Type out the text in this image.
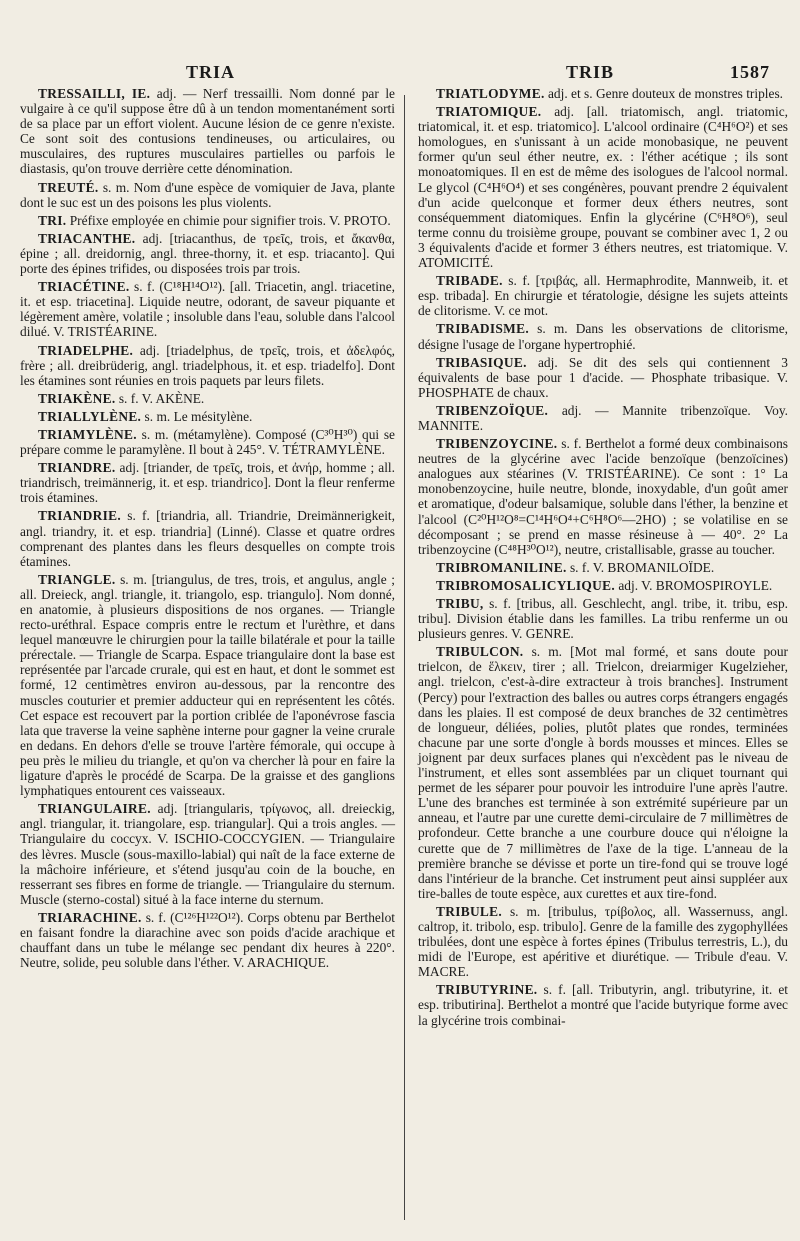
TRIA	TRIB	1587

TRESSAILLI, IE. adj. — Nerf tressailli. Nom donné par le vulgaire à ce qu'il suppose être dû à un tendon momentanément sorti de sa place par un effort violent. Aucune lésion de ce genre n'existe. Ce sont soit des contusions tendineuses, ou articulaires, ou musculaires, des ruptures musculaires partielles ou parfois le diastasis, qu'on trouve derrière cette dénomination.

TREUTÉ. s. m. Nom d'une espèce de vomiquier de Java, plante dont le suc est un des poisons les plus violents.

TRI. Préfixe employée en chimie pour signifier trois. V. PROTO.

TRIACANTHE. adj. [triacanthus, de τρεῖς, trois, et ἄκανθα, épine ; all. dreidornig, angl. three-thorny, it. et esp. triacanto]. Qui porte des épines trifides, ou disposées trois par trois.

TRIACÉTINE. s. f. (C¹⁸H¹⁴O¹²). [all. Triacetin, angl. triacetine, it. et esp. triacetina]. Liquide neutre, odorant, de saveur piquante et légèrement amère, volatile ; insoluble dans l'eau, soluble dans l'alcool dilué. V. TRISTÉARINE.

TRIADELPHE. adj. [triadelphus, de τρεῖς, trois, et ἀδελφός, frère ; all. dreibrüderig, angl. triadelphous, it. et esp. triadelfo]. Dont les étamines sont réunies en trois paquets par leurs filets.

TRIAKÈNE. s. f. V. AKÈNE.

TRIALLYLÈNE. s. m. Le mésitylène.

TRIAMYLÈNE. s. m. (métamylène). Composé (C³⁰H³⁰) qui se prépare comme le paramylène. Il bout à 245°. V. TÉTRAMYLÈNE.

TRIANDRE. adj. [triander, de τρεῖς, trois, et ἀνήρ, homme ; all. triandrisch, treimännerig, it. et esp. triandrico]. Dont la fleur renferme trois étamines.

TRIANDRIE. s. f. [triandria, all. Triandrie, Dreimännerigkeit, angl. triandry, it. et esp. triandria] (Linné). Classe et quatre ordres comprenant des plantes dans les fleurs desquelles on compte trois étamines.

TRIANGLE. s. m. [triangulus, de tres, trois, et angulus, angle ; all. Dreieck, angl. triangle, it. triangolo, esp. triangulo]. Nom donné, en anatomie, à plusieurs dispositions de nos organes. — Triangle recto-uréthral. Espace compris entre le rectum et l'urèthre, et dans lequel manœuvre le chirurgien pour la taille bilatérale et pour la taille prérectale. — Triangle de Scarpa. Espace triangulaire dont la base est représentée par l'arcade crurale, qui est en haut, et dont le sommet est formé, 12 centimètres environ au-dessous, par la rencontre des muscles couturier et premier adducteur qui en représentent les côtés. Cet espace est recouvert par la portion criblée de l'aponévrose fascia lata que traverse la veine saphène interne pour gagner la veine crurale en dedans. En dehors d'elle se trouve l'artère fémorale, qui occupe à peu près le milieu du triangle, et qu'on va chercher là pour en faire la ligature d'après le procédé de Scarpa. De la graisse et des ganglions lymphatiques entourent ces vaisseaux.

TRIANGULAIRE. adj. [triangularis, τρίγωνος, all. dreieckig, angl. triangular, it. triangolare, esp. triangular]. Qui a trois angles. — Triangulaire du coccyx. V. ISCHIO-COCCYGIEN. — Triangulaire des lèvres. Muscle (sous-maxillo-labial) qui naît de la face externe de la mâchoire inférieure, et s'étend jusqu'au coin de la bouche, en resserrant ses fibres en forme de triangle. — Triangulaire du sternum. Muscle (sterno-costal) situé à la face interne du sternum.

TRIARACHINE. s. f. (C¹²⁶H¹²²O¹²). Corps obtenu par Berthelot en faisant fondre la diarachine avec son poids d'acide arachique et chauffant dans un tube le mélange sec pendant dix heures à 220°. Neutre, solide, peu soluble dans l'éther. V. ARACHIQUE.

TRIATLODYME. adj. et s. Genre douteux de monstres triples.

TRIATOMIQUE. adj. [all. triatomisch, angl. triatomic, triatomical, it. et esp. triatomico]. L'alcool ordinaire (C⁴H⁶O²) et ses homologues, en s'unissant à un acide monobasique, ne peuvent former qu'un seul éther neutre, ex. : l'éther acétique ; ils sont monoatomiques. Il en est de même des isologues de l'alcool normal. Le glycol (C⁴H⁶O⁴) et ses congénères, pouvant prendre 2 équivalent d'un acide quelconque et former deux éthers neutres, sont conséquemment diatomiques. Enfin la glycérine (C⁶H⁸O⁶), seul terme connu du troisième groupe, pouvant se combiner avec 1, 2 ou 3 équivalents d'acide et former 3 éthers neutres, est triatomique. V. ATOMICITÉ.

TRIBADE. s. f. [τριβάς, all. Hermaphrodite, Mannweib, it. et esp. tribada]. En chirurgie et tératologie, désigne les sujets atteints de clitorisme. V. ce mot.

TRIBADISME. s. m. Dans les observations de clitorisme, désigne l'usage de l'organe hypertrophié.

TRIBASIQUE. adj. Se dit des sels qui contiennent 3 équivalents de base pour 1 d'acide. — Phosphate tribasique. V. PHOSPHATE de chaux.

TRIBENZOÏQUE. adj. — Mannite tribenzoïque. Voy. MANNITE.

TRIBENZOYCINE. s. f. Berthelot a formé deux combinaisons neutres de la glycérine avec l'acide benzoïque (benzoïcines) analogues aux stéarines (V. TRISTÉARINE). Ce sont : 1° La monobenzoycine, huile neutre, blonde, inoxydable, d'un goût amer et aromatique, d'odeur balsamique, soluble dans l'éther, la benzine et l'alcool (C²⁰H¹²O⁸=C¹⁴H⁶O⁴+C⁶H⁸O⁶—2HO) ; se volatilise en se décomposant ; se prend en masse résineuse à — 40°. 2° La tribenzoycine (C⁴⁸H³⁰O¹²), neutre, cristallisable, grasse au toucher.

TRIBROMANILINE. s. f. V. BROMANILOÏDE.

TRIBROMOSALICYLIQUE. adj. V. BROMOSPIROYLE.

TRIBU, s. f. [tribus, all. Geschlecht, angl. tribe, it. tribu, esp. tribu]. Division établie dans les familles. La tribu renferme un ou plusieurs genres. V. GENRE.

TRIBULCON. s. m. [Mot mal formé, et sans doute pour trielcon, de ἕλκειν, tirer ; all. Trielcon, dreiarmiger Kugelzieher, angl. trielcon, c'est-à-dire extracteur à trois branches]. Instrument (Percy) pour l'extraction des balles ou autres corps étrangers engagés dans les plaies. Il est composé de deux branches de 32 centimètres de longueur, déliées, polies, plutôt plates que rondes, terminées chacune par une sorte d'ongle à bords mousses et minces. Elles se joignent par deux surfaces planes qui n'excèdent pas le niveau de l'instrument, et elles sont assemblées par un cliquet tournant qui permet de les séparer pour pouvoir les introduire l'une après l'autre. L'une des branches est terminée à son extrémité supérieure par un anneau, et l'autre par une curette demi-circulaire de 7 millimètres de profondeur. Cette branche a une courbure douce qui n'éloigne la curette que de 7 millimètres de l'axe de la tige. L'anneau de la première branche se dévisse et porte un tire-fond qui se trouve logé dans l'intérieur de la branche. Cet instrument peut ainsi suppléer aux tire-balles de toute espèce, aux curettes et aux tire-fond.

TRIBULE. s. m. [tribulus, τρίβολος, all. Wassernuss, angl. caltrop, it. tribolo, esp. tribulo]. Genre de la famille des zygophyllées tribulées, dont une espèce à fortes épines (Tribulus terrestris, L.), du midi de l'Europe, est apéritive et diurétique. — Tribule d'eau. V. MACRE.

TRIBUTYRINE. s. f. [all. Tributyrin, angl. tributyrine, it. et esp. tributirina]. Berthelot a montré que l'acide butyrique forme avec la glycérine trois combinai-
